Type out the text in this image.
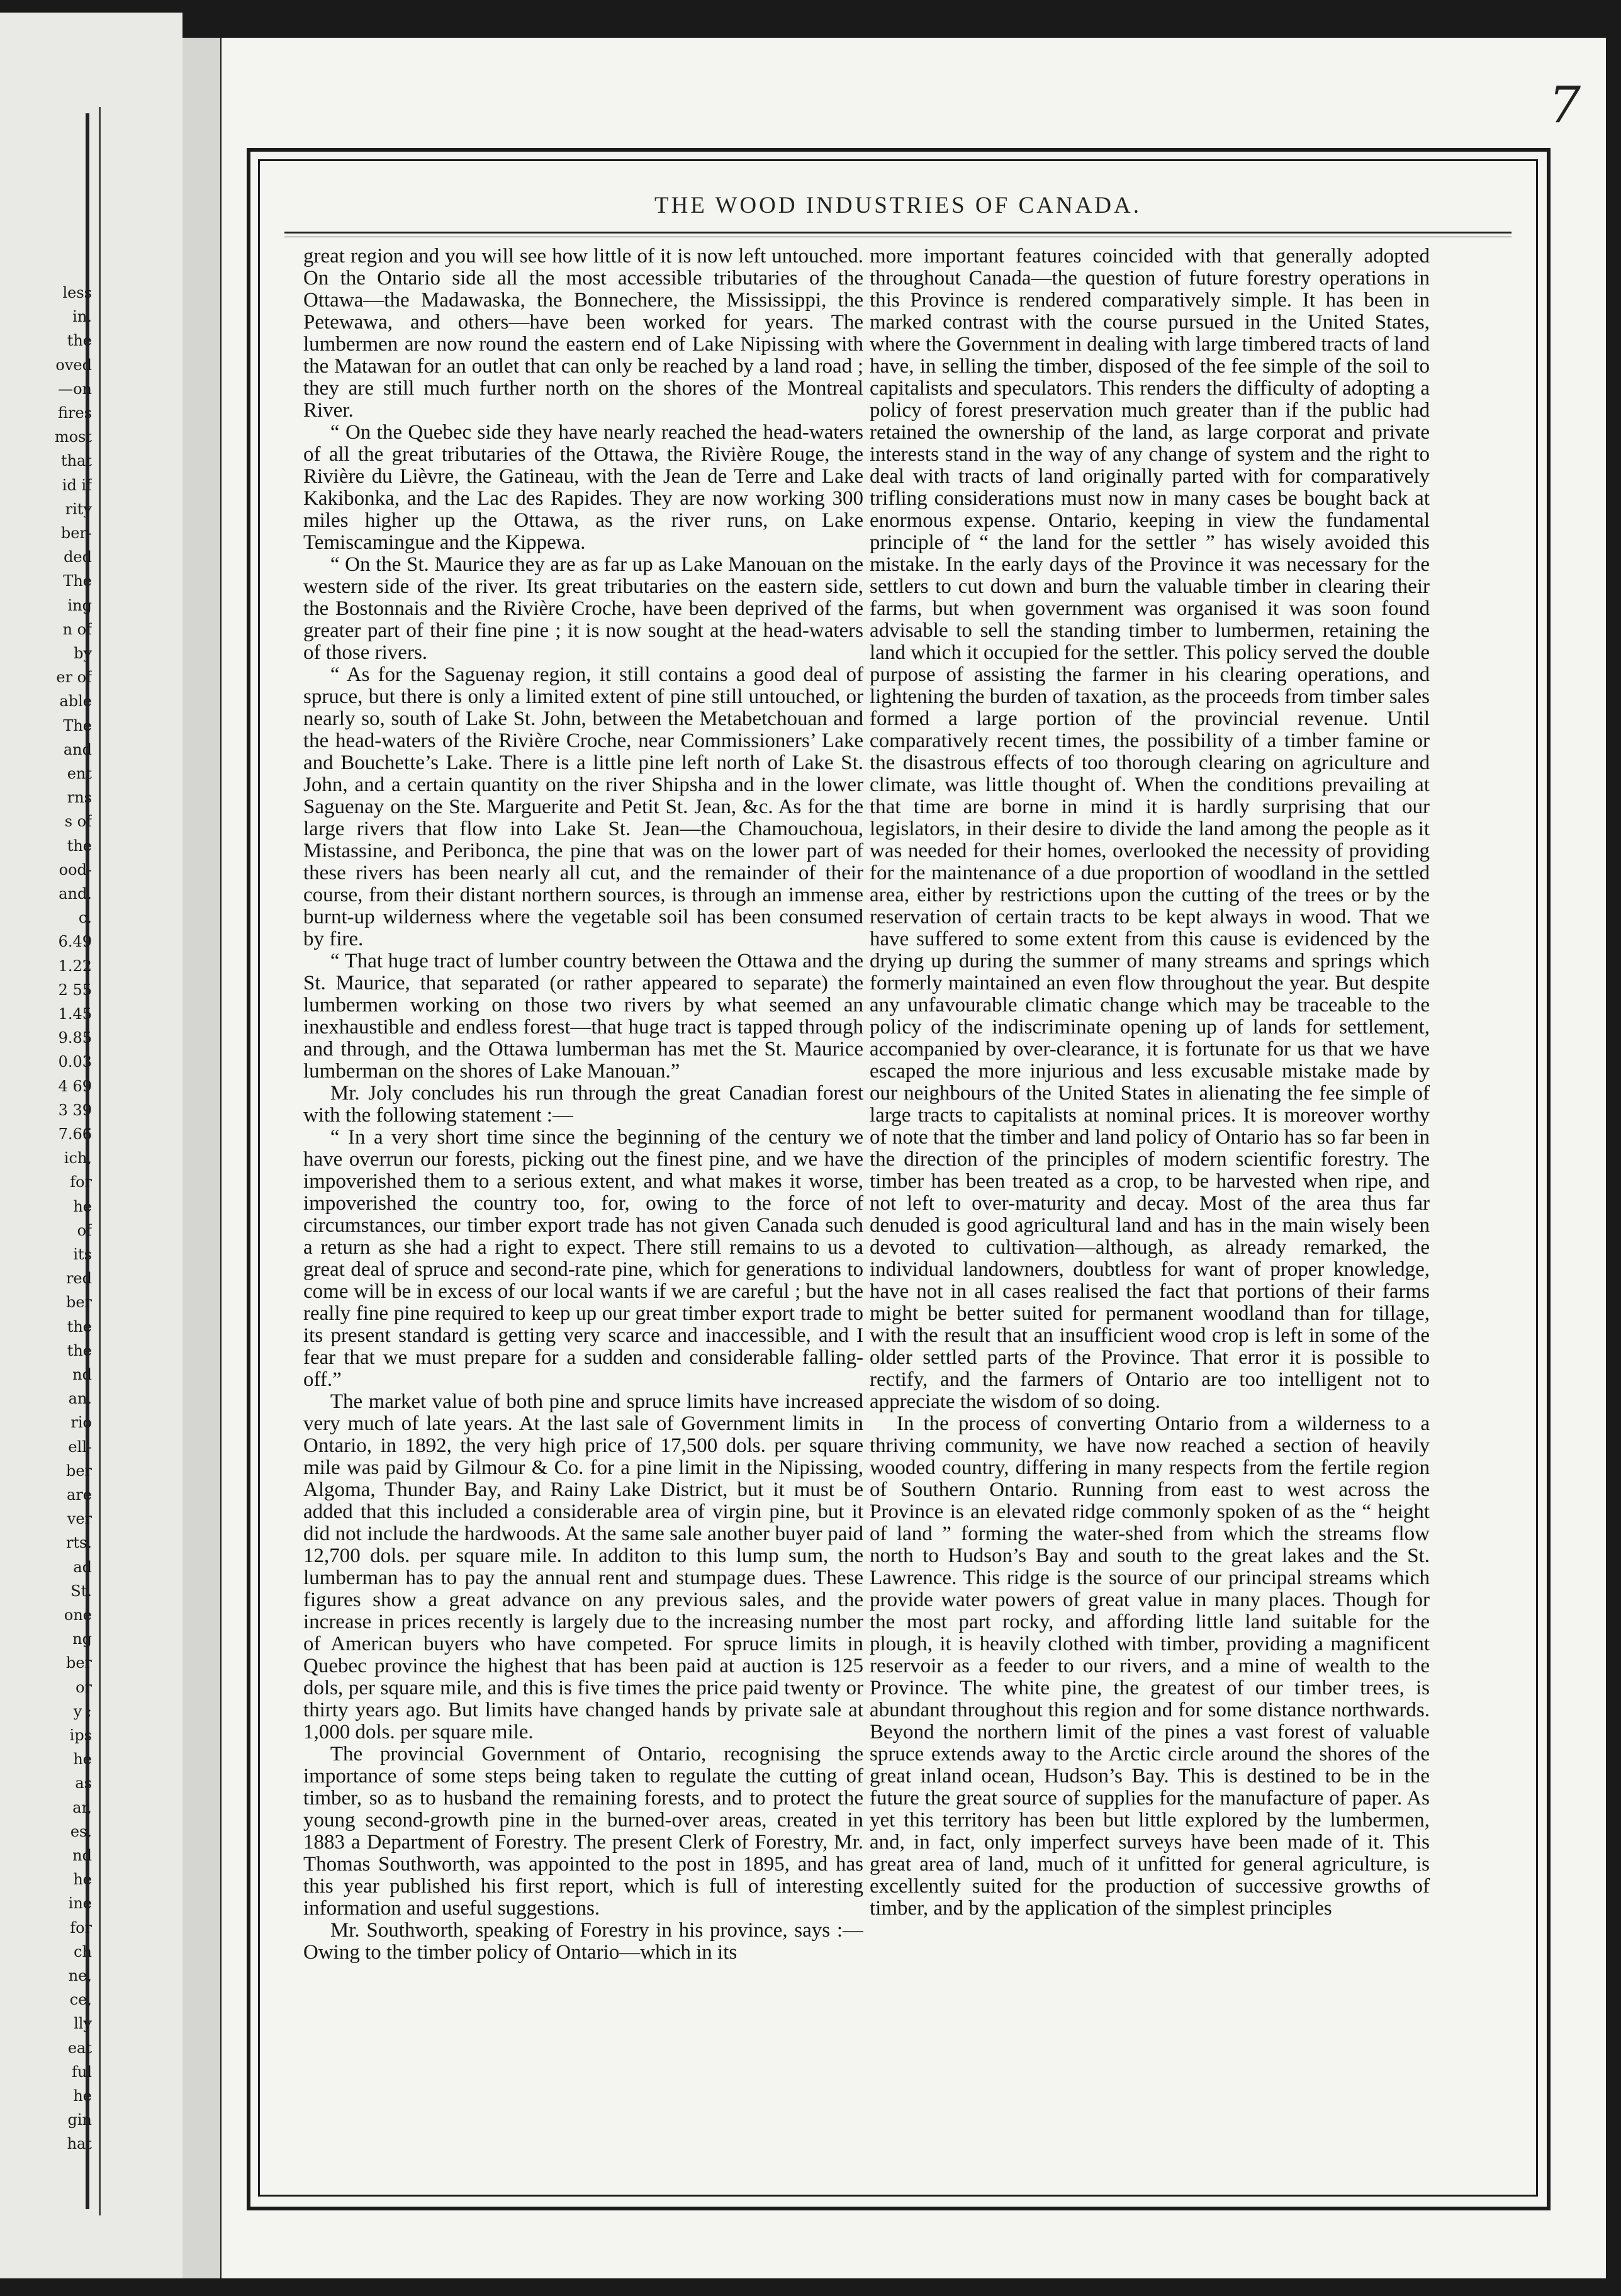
less
in.
the
oved
—on
fires
most
that
id if
rity
ber-
ded
The
ing
n of
by
er of
able
The
and
ent
rns
s of
the
ood-
and.
c.
6.49
1.22
2 55
1.45
9.85
0.03
4 69
3 39
7.66
ich,
for
he
of
its
red
ber
the
the
nd
an.
rio
ell-
ber
are
ver
rts.
ad
St.
one
ng
ber
or
y ;
ips
he
as
ar,
es.
nd
he
ine
for
ch
ne,
ce,
lly
eat
ful
he
gin
hat
7
THE WOOD INDUSTRIES OF CANADA.

great region and you will see how little of it is now left untouched. On the Ontario side all the most accessible tributaries of the Ottawa—the Madawaska, the Bonnechere, the Mississippi, the Petewawa, and others—have been worked for years. The lumbermen are now round the eastern end of Lake Nipissing with the Matawan for an outlet that can only be reached by a land road ; they are still much further north on the shores of the Montreal River.

“ On the Quebec side they have nearly reached the head-waters of all the great tributaries of the Ottawa, the Rivière Rouge, the Rivière du Lièvre, the Gatineau, with the Jean de Terre and Lake Kakibonka, and the Lac des Rapides. They are now working 300 miles higher up the Ottawa, as the river runs, on Lake Temiscamingue and the Kippewa.

“ On the St. Maurice they are as far up as Lake Manouan on the western side of the river. Its great tributaries on the eastern side, the Bostonnais and the Rivière Croche, have been deprived of the greater part of their fine pine ; it is now sought at the head-waters of those rivers.

“ As for the Saguenay region, it still contains a good deal of spruce, but there is only a limited extent of pine still untouched, or nearly so, south of Lake St. John, between the Metabetchouan and the head-waters of the Rivière Croche, near Commissioners’ Lake and Bouchette’s Lake. There is a little pine left north of Lake St. John, and a certain quantity on the river Shipsha and in the lower Saguenay on the Ste. Marguerite and Petit St. Jean, &c. As for the large rivers that flow into Lake St. Jean—the Chamouchoua, Mistassine, and Periboncа, the pine that was on the lower part of these rivers has been nearly all cut, and the remainder of their course, from their distant northern sources, is through an immense burnt-up wilderness where the vegetable soil has been consumed by fire.

“ That huge tract of lumber country between the Ottawa and the St. Maurice, that separated (or rather appeared to separate) the lumbermen working on those two rivers by what seemed an inexhaustible and endless forest—that huge tract is tapped through and through, and the Ottawa lumberman has met the St. Maurice lumberman on the shores of Lake Manouan.”

Mr. Joly concludes his run through the great Canadian forest with the following statement :—

“ In a very short time since the beginning of the century we have overrun our forests, picking out the finest pine, and we have impoverished them to a serious extent, and what makes it worse, impoverished the country too, for, owing to the force of circumstances, our timber export trade has not given Canada such a return as she had a right to expect. There still remains to us a great deal of spruce and second-rate pine, which for generations to come will be in excess of our local wants if we are careful ; but the really fine pine required to keep up our great timber export trade to its present standard is getting very scarce and inaccessible, and I fear that we must prepare for a sudden and considerable falling-off.”

The market value of both pine and spruce limits have increased very much of late years. At the last sale of Government limits in Ontario, in 1892, the very high price of 17,500 dols. per square mile was paid by Gilmour & Co. for a pine limit in the Nipissing, Algoma, Thunder Bay, and Rainy Lake District, but it must be added that this included a considerable area of virgin pine, but it did not include the hardwoods. At the same sale another buyer paid 12,700 dols. per square mile. In additon to this lump sum, the lumberman has to pay the annual rent and stumpage dues. These figures show a great advance on any previous sales, and the increase in prices recently is largely due to the increasing number of American buyers who have competed. For spruce limits in Quebec province the highest that has been paid at auction is 125 dols, per square mile, and this is five times the price paid twenty or thirty years ago. But limits have changed hands by private sale at 1,000 dols. per square mile.

The provincial Government of Ontario, recognising the importance of some steps being taken to regulate the cutting of timber, so as to husband the remaining forests, and to protect the young second-growth pine in the burned-over areas, created in 1883 a Department of Forestry. The present Clerk of Forestry, Mr. Thomas Southworth, was appointed to the post in 1895, and has this year published his first report, which is full of interesting information and useful suggestions.

Mr. Southworth, speaking of Forestry in his province, says :—Owing to the timber policy of Ontario—which in its

more important features coincided with that generally adopted throughout Canada—the question of future forestry operations in this Province is rendered comparatively simple. It has been in marked contrast with the course pursued in the United States, where the Government in dealing with large timbered tracts of land have, in selling the timber, disposed of the fee simple of the soil to capitalists and speculators. This renders the difficulty of adopting a policy of forest preservation much greater than if the public had retained the ownership of the land, as large corporat and private interests stand in the way of any change of system and the right to deal with tracts of land originally parted with for comparatively trifling considerations must now in many cases be bought back at enormous expense. Ontario, keeping in view the fundamental principle of “ the land for the settler ” has wisely avoided this mistake. In the early days of the Province it was necessary for the settlers to cut down and burn the valuable timber in clearing their farms, but when government was organised it was soon found advisable to sell the standing timber to lumbermen, retaining the land which it occupied for the settler. This policy served the double purpose of assisting the farmer in his clearing operations, and lightening the burden of taxation, as the proceeds from timber sales formed a large portion of the provincial revenue. Until comparatively recent times, the possibility of a timber famine or the disastrous effects of too thorough clearing on agriculture and climate, was little thought of. When the conditions prevailing at that time are borne in mind it is hardly surprising that our legislators, in their desire to divide the land among the people as it was needed for their homes, overlooked the necessity of providing for the maintenance of a due proportion of woodland in the settled area, either by restrictions upon the cutting of the trees or by the reservation of certain tracts to be kept always in wood. That we have suffered to some extent from this cause is evidenced by the drying up during the summer of many streams and springs which formerly maintained an even flow throughout the year. But despite any unfavourable climatic change which may be traceable to the policy of the indiscriminate opening up of lands for settlement, accompanied by over-clearance, it is fortunate for us that we have escaped the more injurious and less excusable mistake made by our neighbours of the United States in alienating the fee simple of large tracts to capitalists at nominal prices. It is moreover worthy of note that the timber and land policy of Ontario has so far been in the direction of the principles of modern scientific forestry. The timber has been treated as a crop, to be harvested when ripe, and not left to over-maturity and decay. Most of the area thus far denuded is good agricultural land and has in the main wisely been devoted to cultivation—although, as already remarked, the individual landowners, doubtless for want of proper knowledge, have not in all cases realised the fact that portions of their farms might be better suited for permanent woodland than for tillage, with the result that an insufficient wood crop is left in some of the older settled parts of the Province. That error it is possible to rectify, and the farmers of Ontario are too intelligent not to appreciate the wisdom of so doing.

In the process of converting Ontario from a wilderness to a thriving community, we have now reached a section of heavily wooded country, differing in many respects from the fertile region of Southern Ontario. Running from east to west across the Province is an elevated ridge commonly spoken of as the “ height of land ” forming the water-shed from which the streams flow north to Hudson’s Bay and south to the great lakes and the St. Lawrence. This ridge is the source of our principal streams which provide water powers of great value in many places. Though for the most part rocky, and affording little land suitable for the plough, it is heavily clothed with timber, providing a magnificent reservoir as a feeder to our rivers, and a mine of wealth to the Province. The white pine, the greatest of our timber trees, is abundant throughout this region and for some distance northwards. Beyond the northern limit of the pines a vast forest of valuable spruce extends away to the Arctic circle around the shores of the great inland ocean, Hudson’s Bay. This is destined to be in the future the great source of supplies for the manufacture of paper. As yet this territory has been but little explored by the lumbermen, and, in fact, only imperfect surveys have been made of it. This great area of land, much of it unfitted for general agriculture, is excellently suited for the production of successive growths of timber, and by the application of the simplest principles
